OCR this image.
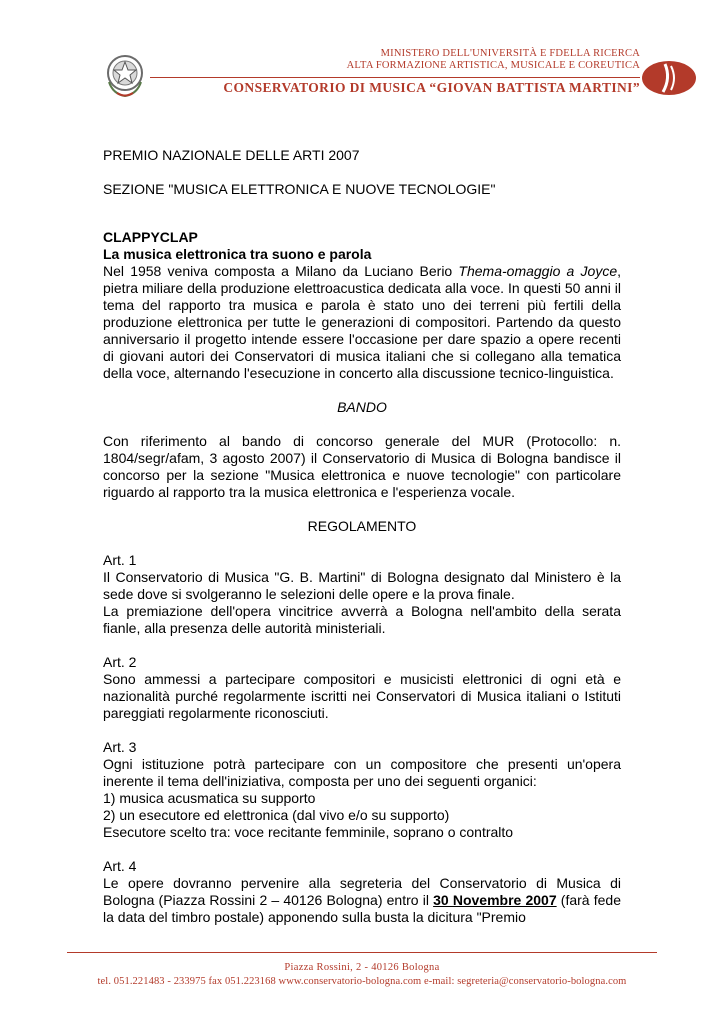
MINISTERO DELL'UNIVERSITÀ E FDELLA RICERCA
ALTA FORMAZIONE ARTISTICA, MUSICALE E COREUTICA
CONSERVATORIO DI MUSICA “GIOVAN BATTISTA MARTINI”

PREMIO NAZIONALE DELLE ARTI 2007

SEZIONE "MUSICA ELETTRONICA E NUOVE TECNOLOGIE"

CLAPPYCLAP

La musica elettronica tra suono e parola

Nel 1958 veniva composta a Milano da Luciano Berio Thema-omaggio a Joyce, pietra miliare della produzione elettroacustica dedicata alla voce. In questi 50 anni il tema del rapporto tra musica e parola è stato uno dei terreni più fertili della produzione elettronica per tutte le generazioni di compositori. Partendo da questo anniversario il progetto intende essere l'occasione per dare spazio a opere recenti di giovani autori dei Conservatori di musica italiani che si collegano alla tematica della voce, alternando l'esecuzione in concerto alla discussione tecnico-linguistica.

BANDO

Con riferimento al bando di concorso generale del MUR (Protocollo: n. 1804/segr/afam, 3 agosto 2007) il Conservatorio di Musica di Bologna bandisce il concorso per la sezione "Musica elettronica e nuove tecnologie" con particolare riguardo al rapporto tra la musica elettronica e l'esperienza vocale.

REGOLAMENTO

Art. 1

Il Conservatorio di Musica "G. B. Martini" di Bologna designato dal Ministero è la sede dove si svolgeranno le selezioni delle opere e la prova finale.

La premiazione dell'opera vincitrice avverrà a Bologna nell'ambito della serata fianle, alla presenza delle autorità ministeriali.

Art. 2

Sono ammessi a partecipare compositori e musicisti elettronici di ogni età e nazionalità purché regolarmente iscritti nei Conservatori di Musica italiani o Istituti pareggiati regolarmente riconosciuti.

Art. 3

Ogni istituzione potrà partecipare con un compositore che presenti un'opera inerente il tema dell'iniziativa, composta per uno dei seguenti organici:

1) musica acusmatica su supporto

2) un esecutore ed elettronica (dal vivo e/o su supporto)

Esecutore scelto tra: voce recitante femminile, soprano o contralto

Art. 4

Le opere dovranno pervenire alla segreteria del Conservatorio di Musica di Bologna (Piazza Rossini 2 – 40126 Bologna) entro il 30 Novembre 2007 (farà fede la data del timbro postale) apponendo sulla busta la dicitura "Premio

Piazza Rossini, 2 - 40126 Bologna
tel. 051.221483 - 233975 fax 051.223168 www.conservatorio-bologna.com e-mail: segreteria@conservatorio-bologna.com
